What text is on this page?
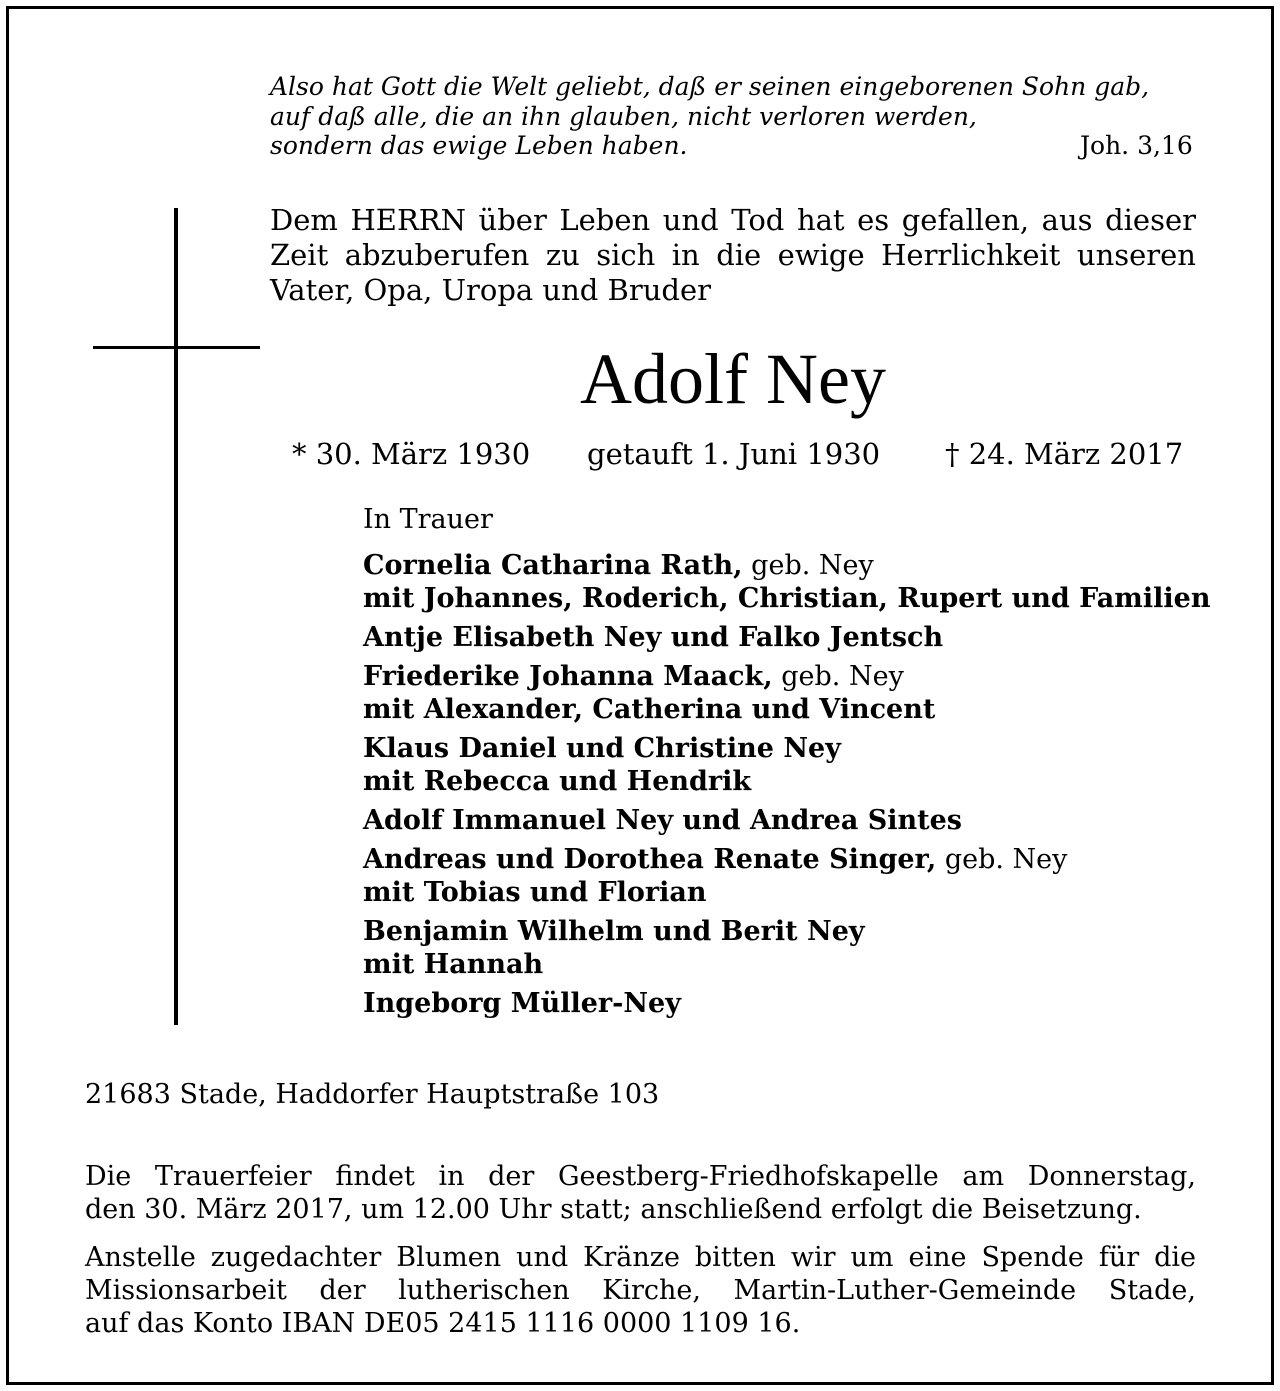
Also hat Gott die Welt geliebt, daß er seinen eingeborenen Sohn gab,
auf daß alle, die an ihn glauben, nicht verloren werden,
sondern das ewige Leben haben.	Joh. 3,16
Dem HERRN über Leben und Tod hat es gefallen, aus dieser
Zeit abzuberufen zu sich in die ewige Herrlichkeit unseren
Vater, Opa, Uropa und Bruder
Adolf Ney
* 30. März 1930 getauft 1. Juni 1930 † 24. März 2017
In Trauer
Cornelia Catharina Rath, geb. Ney
mit Johannes, Roderich, Christian, Rupert und Familien
Antje Elisabeth Ney und Falko Jentsch
Friederike Johanna Maack, geb. Ney
mit Alexander, Catherina und Vincent
Klaus Daniel und Christine Ney
mit Rebecca und Hendrik
Adolf Immanuel Ney und Andrea Sintes
Andreas und Dorothea Renate Singer, geb. Ney
mit Tobias und Florian
Benjamin Wilhelm und Berit Ney
mit Hannah
Ingeborg Müller-Ney
21683 Stade, Haddorfer Hauptstraße 103
Die Trauerfeier findet in der Geestberg-Friedhofskapelle am Donnerstag,
den 30. März 2017, um 12.00 Uhr statt; anschließend erfolgt die Beisetzung.
Anstelle zugedachter Blumen und Kränze bitten wir um eine Spende für die
Missionsarbeit der lutherischen Kirche, Martin-Luther-Gemeinde Stade,
auf das Konto IBAN DE05 2415 1116 0000 1109 16.
